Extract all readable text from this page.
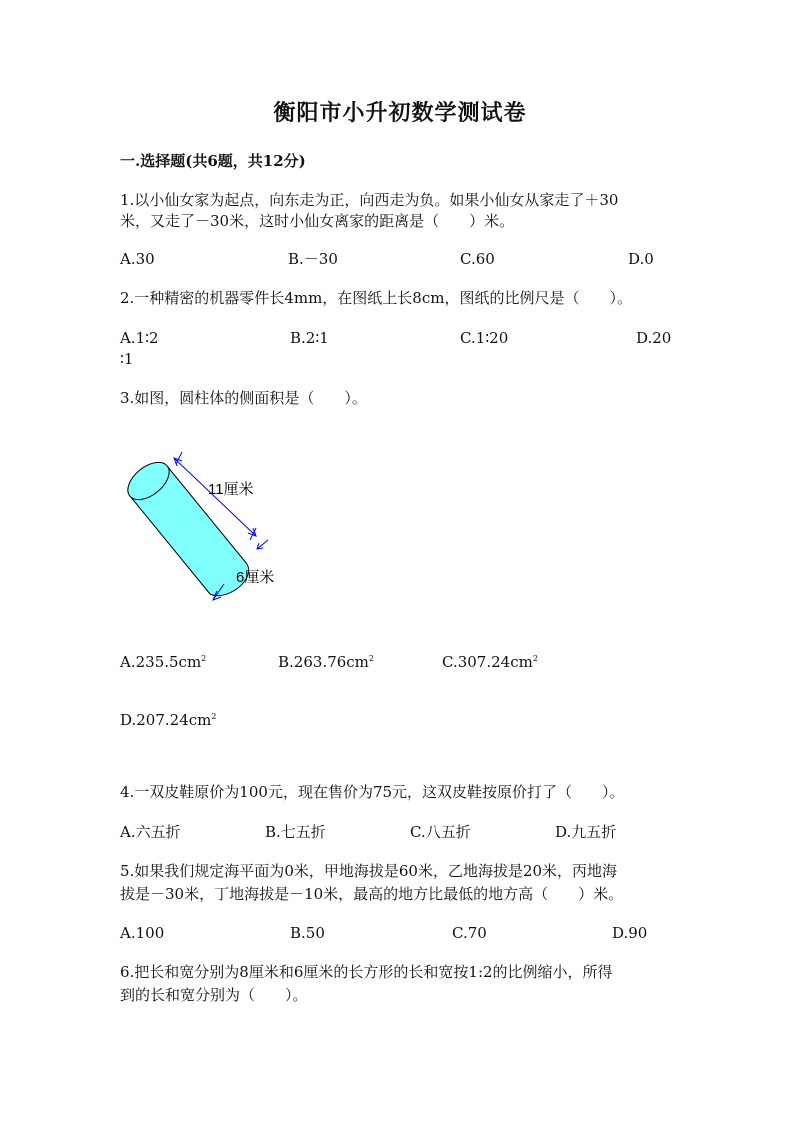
衡阳市小升初数学测试卷
一.选择题(共6题，共12分)
1.以小仙女家为起点，向东走为正，向西走为负。如果小仙女从家走了＋30
米，又走了－30米，这时小仙女离家的距离是（　　）米。
A.30	B.－30	C.60	D.0
2.一种精密的机器零件长4mm，在图纸上长8cm，图纸的比例尺是（　　）。
A.1∶2	B.2∶1	C.1∶20	D.20
∶1
3.如图，圆柱体的侧面积是（　　）。
11厘米
6厘米
$A.235.5cm^2$	$B.263.76cm^2$	$C.307.24cm^2$
$D.207.24cm^2$
4.一双皮鞋原价为100元，现在售价为75元，这双皮鞋按原价打了（　　）。
A.六五折	B.七五折	C.八五折	D.九五折
5.如果我们规定海平面为0米，甲地海拔是60米，乙地海拔是20米，丙地海
拔是－30米，丁地海拔是－10米，最高的地方比最低的地方高（　　）米。
A.100	B.50	C.70	D.90
6.把长和宽分别为8厘米和6厘米的长方形的长和宽按1:2的比例缩小，所得
到的长和宽分别为（　　）。
